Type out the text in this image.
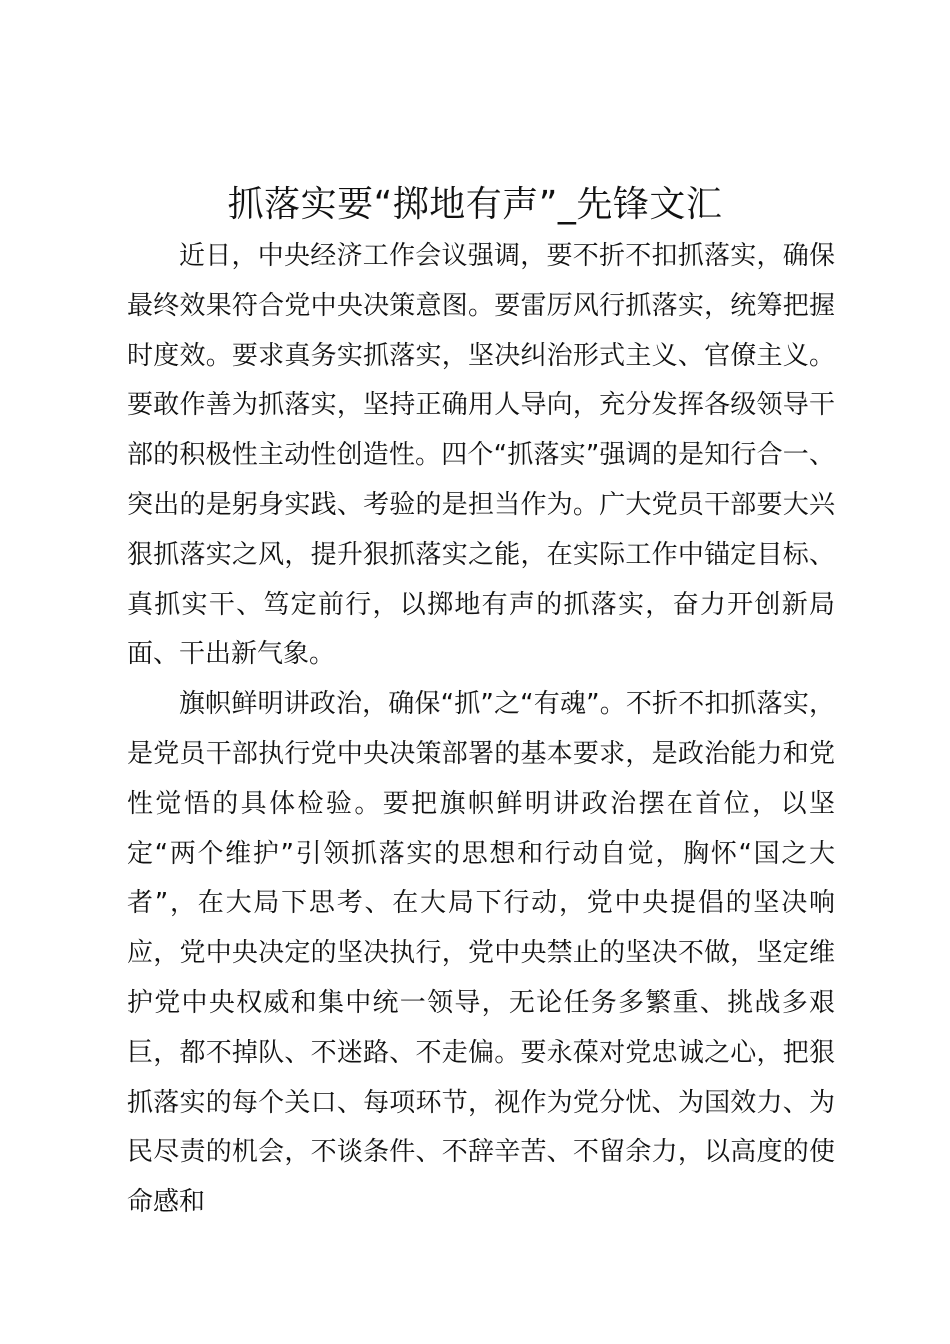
抓落实要“掷地有声”_先锋文汇

近日，中央经济工作会议强调，要不折不扣抓落实，确保最终效果符合党中央决策意图。要雷厉风行抓落实，统筹把握时度效。要求真务实抓落实，坚决纠治形式主义、官僚主义。要敢作善为抓落实，坚持正确用人导向，充分发挥各级领导干部的积极性主动性创造性。四个“抓落实”强调的是知行合一、突出的是躬身实践、考验的是担当作为。广大党员干部要大兴狠抓落实之风，提升狠抓落实之能，在实际工作中锚定目标、真抓实干、笃定前行，以掷地有声的抓落实，奋力开创新局面、干出新气象。

旗帜鲜明讲政治，确保“抓”之“有魂”。不折不扣抓落实，是党员干部执行党中央决策部署的基本要求，是政治能力和党性觉悟的具体检验。要把旗帜鲜明讲政治摆在首位，以坚定“两个维护”引领抓落实的思想和行动自觉，胸怀“国之大者”，在大局下思考、在大局下行动，党中央提倡的坚决响应，党中央决定的坚决执行，党中央禁止的坚决不做，坚定维护党中央权威和集中统一领导，无论任务多繁重、挑战多艰巨，都不掉队、不迷路、不走偏。要永葆对党忠诚之心，把狠抓落实的每个关口、每项环节，视作为党分忧、为国效力、为民尽责的机会，不谈条件、不辞辛苦、不留余力，以高度的使命感和
